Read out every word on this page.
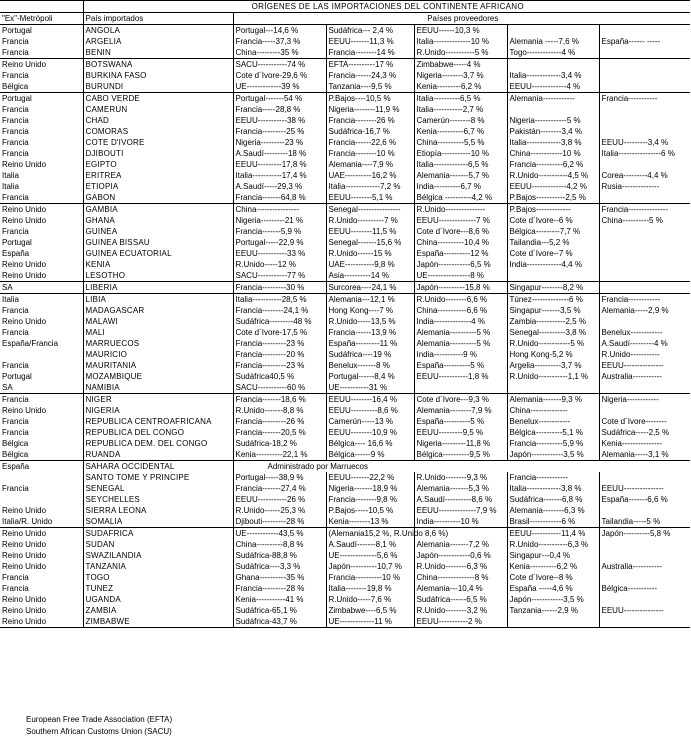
	ORÍGENES DE LAS IMPORTACIONES DEL CONTINENTE AFRICANO					
"Ex"-Metrópoli	País importados	Países proveedores				
Portugal	ANGOLA	Portugal---14,6 %	Sudáfrica--- 2,4 %	EEUU------10,3 %		
Francia	ARGELIA	Francia-----37,3 %	EEUU-------11,3 %	Italia--------------10 %	Alemania -----7,6 %	España------ -----
Francia	BENIN	China---------35 %	Francia--------14 %	R.Unido-----------5 %	Togo-------------4 %	
Reino Unido	BOTSWANA	SACU-----------74 %	EFTA----------17 %	Zimbabwe-----4 %		
Francia	BURKINA FASO	Cote d´Ivore-29,6 %	Francia------24,3 %	Nigeria--------3,7 %	Italia-------------3,4 %	
Bélgica	BURUNDI	UE-------------39 %	Tanzania----9,5 %	Kenia---------6,2 %	EEUU-------------4 %	
Portugal	CABO VERDE	Portugal-------54 %	P.Bajos----10,5 %	Italia----------6,5 %	Alemania------------	Francia-----------
Francia	CAMERUN	Francia-----28,8 %	Nigeria--------11,9 %	Italia-----------2,7 %		
Francia	CHAD	EEUU-----------38 %	Francia--------26 %	Camerún--------8 %	Nigeria------------5 %	
Francia	COMORAS	Francia---------25 %	Sudáfrica-16,7 %	Kenia----------6,7 %	Pakistán--------3,4 %	
Francia	COTE D'IVORE	Nigeria---------23 %	Francia------22,6 %	China----------5,5 %	Italia-------------3,8 %	EEUU---------3,4 %
Francia	DJIBOUTI	A.Saudí---------18 %	Francia--------10 %	Etiopía-----------10 %	China------------10 %	Italia----------------6 %
Reino Unido	EGIPTO	EEUU---------17,8 %	Alemania----7,9 %	Italia-------------6,5 %	Francia----------6,2 %	
Italia	ERITREA	Italia-----------17,4 %	UAE----------16,2 %	Alemania-------5,7 %	R.Unido-----------4,5 %	Corea---------4,4 %
Italia	ETIOPIA	A.Saudí-----29,3 %	Italia-------------7,2 %	India----------6,7 %	EEUU-------------4,2 %	Rusia--------------
Francia	GABON	Francia-------64,8 %	EEUU--------5,1 %	Bélgica ----------4,2 %	P.Bajos-----------2,5 %	
Reino Unido	GAMBIA	China----------------	Senegal----------------	R.Unido---------------	P.Bajos-------------	Francia---------------
Reino Unido	GHANA	Nigeria---------21 %	R.Unido----------7 %	EEUU--------------7 %	Cote d´Ivore--6 %	China----------5 %
Francia	GUINEA	Francia-------5,9 %	EEUU--------11,5 %	Cote d´Ivore---8,6 %	Bélgica---------7,7 %	
Portugal	GUINEA BISSAU	Portugal-----22,9 %	Senegal-------15,6 %	China----------10,4 %	Tailandia---5,2 %	
España	GUINEA ECUATORIAL	EEUU-----------33 %	R.Unido------15 %	España----------12 %	Cote d´Ivore--7 %	
Reino Unido	KENIA	R.Unido-----12 %	UAE-----------9,8 %	Japón------------6,5 %	India-------------4,4 %	
Reino Unido	LESOTHO	SACU-----------77 %	Asia----------14 %	UE----------------8 %		
SA	LIBERIA	Francia---------30 %	Surcorea----24,1 %	Japón----------15,8 %	Singapur--------8,2 %	
Italia	LIBIA	Italia-----------28,5 %	Alemania---12,1 %	R.Unido--------6,6 %	Túnez--------------6 %	Francia------------
Francia	MADAGASCAR	Francia--------24,1 %	Hong Kong----7 %	China-----------6,6 %	Singapur-------3,5 %	Alemania-----2,9 %
Reino Unido	MALAWI	Sudáfrica---------48 %	R.Unido-----13,5 %	India--------------4 %	Zambia-----------2,5 %	
Francia	MALI	Cote d´Ivore-17,5 %	Francia------13,9 %	Alemania----------5 %	Senegal----------3,8 %	Benelux------------
España/Francia	MARRUECOS	Francia---------23 %	España---------11 %	Alemania----------5 %	R.Unido------------5 %	A.Saudí---------4 %
	MAURICIO	Francia---------20 %	Sudáfrica----19 %	India-----------9 %	Hong Kong-5,2 %	R.Unido-----------
Francia	MAURITANIA	Francia---------23 %	Benelux-------8 %	España----------5 %	Argelia----------3,7 %	EEUU---------------
Portugal	MOZAMBIQUE	Sudáfrica40,5 %	Portugal------8,4 %	EEUU-----------1,8 %	R.Unido-----------1,1 %	Australia-----------
SA	NAMIBIA	SACU-----------60 %	UE-----------31 %			
Francia	NIGER	Francia-------18,6 %	EEUU--------16,4 %	Cote d´Ivore---9,3 %	Alemania-------9,3 %	Nigeria------------
Reino Unido	NIGERIA	R.Unido-------8,8 %	EEUU----------8,6 %	Alemania--------7,9 %	China--------------	
Francia	REPUBLICA CENTROAFRICANA	Francia---------26 %	Camerún-----13 %	España----------5 %	Benelux------------	Cote d´Ivore--------
Francia	REPUBLICA DEL CONGO	Francia-------20,5 %	EEUU--------10,9 %	EEUU---------9,5 %	Bélgica----------5,1 %	Sudáfrica-----2,5 %
Bélgica	REPUBLICA DEM. DEL CONGO	Sudáfrica-18,2 %	Bélgica---- 16,6 %	Nigeria---------11,8 %	Francia----------5,9 %	Kenia---------------
Bélgica	RUANDA	Kenia----------22,1 %	Bélgica------9 %	Bélgica----------9,5 %	Japón------------3,5 %	Alemania-----3,1 %
España	SAHARA OCCIDENTAL	Administrado por Marruecos				
	SANTO TOME Y PRINCIPE	Portugal-----38,9 %	EEUU-------22,2 %	R.Unido--------9,3 %	Francia------------	
Francia	SENEGAL	Francia-------27,4 %	Nigeria-------18,9 %	Alemania-------5,3 %	Italia-------------3,8 %	EEUU---------------
	SEYCHELLES	EEUU-----------26 %	Francia--------9,8 %	A.Saudí----------8,6 %	Sudáfrica-------6,8 %	España-------6,6 %
Reino Unido	SIERRA LEONA	R.Unido------25,3 %	P.Bajos-----10,5 %	EEUU--------------7,9 %	Alemania--------6,3 %	
Italia/R. Unido	SOMALIA	Djibouti---------28 %	Kenia--------13 %	India----------10 %	Brasil------------6 %	Tailandia-----5 %
Reino Unido	SUDAFRICA	UE------------43,5 %	(Alemania15,2 %, R.Unido 8,6 %)		EEUU-----------11,4 %	Japón----------5,8 %
Reino Unido	SUDAN	China----------8,8 %	A.Saudí-------8,1 %	Alemania-------7,2 %	R.Unido-----------6,3 %	
Reino Unido	SWAZILANDIA	Sudáfrica-88,8 %	UE--------------5,6 %	Japón------------0,6 %	Singapur---0,4 %	
Reino Unido	TANZANIA	Sudáfrica----3,3 %	Japón----------10,7 %	R.Unido--------6,3 %	Kenia----------6,2 %	Australia-----------
Francia	TOGO	Ghana----------35 %	Francia----------10 %	China--------------8 %	Cote d´Ivore--8 %	
Francia	TUNEZ	Francia---------28 %	Italia--------19,8 %	Alemania---10,4 %	España -----4,6 %	Bélgica-----------
Reino Unido	UGANDA	Kenia-----------41 %	R.Unido-----7,6 %	Sudáfrica------6,5 %	Japón------------3,5 %	
Reino Unido	ZAMBIA	Sudáfrica-65,1 %	Zimbabwe----6,5 %	R.Unido--------3,2 %	Tanzania------2,9 %	EEUU---------------
Reino Unido	ZIMBABWE	Sudáfrica-43,7 %	UE-------------11 %	EEUU-----------2 %		
European Free Trade Association (EFTA)
Southern African Customs Union (SACU)
